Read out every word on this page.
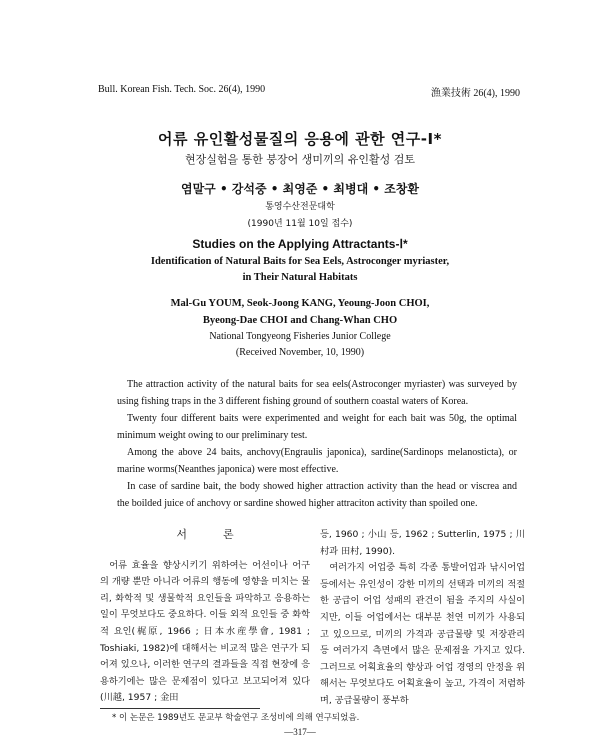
Bull. Korean Fish. Tech. Soc. 26(4), 1990	漁業技術 26(4), 1990
어류 유인활성물질의 응용에 관한 연구-Ⅰ*
현장실험을 통한 붕장어 생미끼의 유인활성 검토
염말구 • 강석중 • 최영준 • 최병대 • 조창환
통영수산전문대학
(1990년 11월 10일 접수)
Studies on the Applying Attractants-Ⅰ*
Identification of Natural Baits for Sea Eels, Astroconger myriaster,
in Their Natural Habitats
Mal-Gu YOUM, Seok-Joong KANG, Yeoung-Joon CHOI,
Byeong-Dae CHOI and Chang-Whan CHO
National Tongyeong Fisheries Junior College
(Received November, 10, 1990)

The attraction activity of the natural baits for sea eels(Astroconger myriaster) was surveyed by using fishing traps in the 3 different fishing ground of southern coastal waters of Korea.

Twenty four different baits were experimented and weight for each bait was 50g, the optimal minimum weight owing to our preliminary test.

Among the above 24 baits, anchovy(Engraulis japonica), sardine(Sardinops melanosticta), or marine worms(Neanthes japonica) were most effective.

In case of sardine bait, the body showed higher attraction activity than the head or viscrea and the boilded juice of anchovy or sardine showed higher attraciton activity than spoiled one.

서론

어류 효율을 향상시키기 위하여는 어선이나 어구의 개량 뿐만 아니라 어류의 행동에 영향을 미치는 물리, 화학적 및 생물학적 요인들을 파악하고 응용하는 일이 무엇보다도 중요하다. 이들 외적 요인들 중 화학적 요인(梶原, 1966 ; 日本水産學會, 1981 ; Toshiaki, 1982)에 대해서는 비교적 많은 연구가 되어져 있으나, 이러한 연구의 결과들을 직접 현장에 응용하기에는 많은 문제점이 있다고 보고되어져 있다(川越, 1957 ; 金田

등, 1960 ; 小山 등, 1962 ; Sutterlin, 1975 ; 川村과 田村, 1990).

여러가지 어업중 특히 각종 통발어업과 낚시어업 등에서는 유인성이 강한 미끼의 선택과 미끼의 적절한 공급이 어업 성패의 관건이 됨을 주지의 사실이지만, 이들 어업에서는 대부분 천연 미끼가 사용되고 있으므로, 미끼의 가격과 공급물량 및 저장관리등 여러가지 측면에서 많은 문제점을 가지고 있다. 그러므로 어획효율의 향상과 어업 경영의 안정을 위해서는 무엇보다도 어획효율이 높고, 가격이 저렴하며, 공급물량이 풍부하

* 이 논문은 1989년도 문교부 학술연구 조성비에 의해 연구되었음.
—317—
